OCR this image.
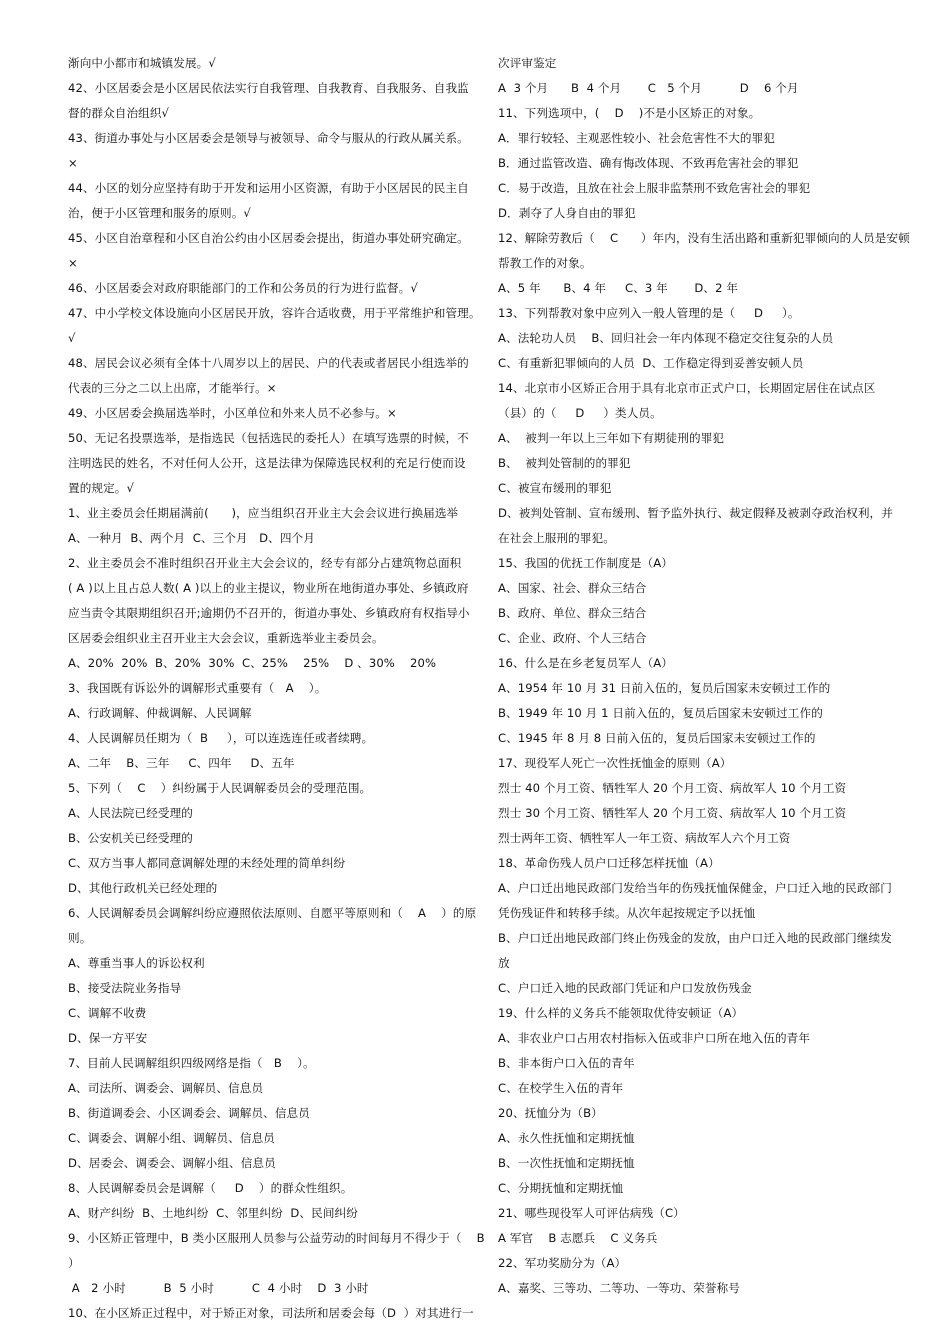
渐向中小都市和城镇发展。√
42、小区居委会是小区居民依法实行自我管理、自我教育、自我服务、自我监
督的群众自治组织√
43、街道办事处与小区居委会是领导与被领导、命令与服从的行政从属关系。
×
44、小区的划分应坚持有助于开发和运用小区资源，有助于小区居民的民主自
治，便于小区管理和服务的原则。√
45、小区自治章程和小区自治公约由小区居委会提出，街道办事处研究确定。
×
46、小区居委会对政府职能部门的工作和公务员的行为进行监督。√
47、中小学校文体设施向小区居民开放，容许合适收费，用于平常维护和管理。
√
48、居民会议必须有全体十八周岁以上的居民、户的代表或者居民小组选举的
代表的三分之二以上出席，才能举行。×
49、小区居委会换届选举时，小区单位和外来人员不必参与。×
50、无记名投票选举，是指选民（包括选民的委托人）在填写选票的时候，不
注明选民的姓名，不对任何人公开，这是法律为保障选民权利的充足行使而设
置的规定。√
1、业主委员会任期届满前(      )，应当组织召开业主大会会议进行换届选举
A、一种月  B、两个月  C、三个月   D、四个月
2、业主委员会不准时组织召开业主大会会议的，经专有部分占建筑物总面积
( A )以上且占总人数( A )以上的业主提议，物业所在地街道办事处、乡镇政府
应当责令其限期组织召开;逾期仍不召开的，街道办事处、乡镇政府有权指导小
区居委会组织业主召开业主大会会议，重新选举业主委员会。
A、20%  20%  B、20%  30%  C、25%    25%    D 、30%    20%
3、我国既有诉讼外的调解形式重要有（   A    ）。
A、行政调解、仲裁调解、人民调解
4、人民调解员任期为（  B     ），可以连选连任或者续聘。
A、二年    B、三年     C、四年     D、五年
5、下列（    C    ）纠纷属于人民调解委员会的受理范围。
A、人民法院已经受理的
B、公安机关已经受理的
C、双方当事人都同意调解处理的未经处理的简单纠纷
D、其他行政机关已经处理的
6、人民调解委员会调解纠纷应遵照依法原则、自愿平等原则和（    A    ）的原则。
A、尊重当事人的诉讼权利
B、接受法院业务指导
C、调解不收费
D、保一方平安
7、目前人民调解组织四级网络是指（   B    ）。
A、司法所、调委会、调解员、信息员
B、街道调委会、小区调委会、调解员、信息员
C、调委会、调解小组、调解员、信息员
D、居委会、调委会、调解小组、信息员
8、人民调解委员会是调解（     D    ）的群众性组织。
A、财产纠纷  B、土地纠纷  C、邻里纠纷  D、民间纠纷
9、小区矫正管理中，B 类小区服刑人员参与公益劳动的时间每月不得少于（    B
）
A   2 小时          B  5 小时          C  4 小时    D  3 小时
10、在小区矫正过程中，对于矫正对象，司法所和居委会每（D  ）对其进行一
次评审鉴定
A  3 个月      B  4 个月       C   5 个月          D    6 个月
11、下列选项中，(    D    )不是小区矫正的对象。
A．罪行较轻、主观恶性较小、社会危害性不大的罪犯
B．通过监管改造、确有悔改体现、不致再危害社会的罪犯
C．易于改造，且放在社会上服非监禁刑不致危害社会的罪犯
D．剥夺了人身自由的罪犯
12、解除劳教后（    C      ）年内，没有生活出路和重新犯罪倾向的人员是安顿
帮教工作的对象。
A、5 年      B、4 年     C、3 年       D、2 年
13、下列帮教对象中应列入一般人管理的是（     D     ）。
A、法轮功人员    B、回归社会一年内体现不稳定交往复杂的人员
C、有重新犯罪倾向的人员  D、工作稳定得到妥善安顿人员
14、北京市小区矫正合用于具有北京市正式户口，长期固定居住在试点区
（县）的（     D     ）类人员。
A、  被判一年以上三年如下有期徒刑的罪犯
B、  被判处管制的的罪犯
C、被宣布缓刑的罪犯
D、被判处管制、宣布缓刑、暂予监外执行、裁定假释及被剥夺政治权利，并
在社会上服刑的罪犯。
15、我国的优抚工作制度是（A）
A、国家、社会、群众三结合
B、政府、单位、群众三结合
C、企业、政府、个人三结合
16、什么是在乡老复员军人（A）
A、1954 年 10 月 31 日前入伍的，复员后国家未安顿过工作的
B、1949 年 10 月 1 日前入伍的，复员后国家未安顿过工作的
C、1945 年 8 月 8 日前入伍的，复员后国家未安顿过工作的
17、现役军人死亡一次性抚恤金的原则（A）
烈士 40 个月工资、牺牲军人 20 个月工资、病故军人 10 个月工资
烈士 30 个月工资、牺牲军人 20 个月工资、病故军人 10 个月工资
烈士两年工资、牺牲军人一年工资、病故军人六个月工资
18、革命伤残人员户口迁移怎样抚恤（A）
A、户口迁出地民政部门发给当年的伤残抚恤保健金，户口迁入地的民政部门
凭伤残证件和转移手续。从次年起按规定予以抚恤
B、户口迁出地民政部门终止伤残金的发放，由户口迁入地的民政部门继续发
放
C、户口迁入地的民政部门凭证和户口发放伤残金
19、什么样的义务兵不能领取优待安顿证（A）
A、非农业户口占用农村指标入伍或非户口所在地入伍的青年
B、非本街户口入伍的青年
C、在校学生入伍的青年
20、抚恤分为（B）
A、永久性抚恤和定期抚恤
B、一次性抚恤和定期抚恤
C、分期抚恤和定期抚恤
21、哪些现役军人可评估病残（C）
A 军官    B 志愿兵    C 义务兵
22、军功奖励分为（A）
A、嘉奖、三等功、二等功、一等功、荣誉称号
